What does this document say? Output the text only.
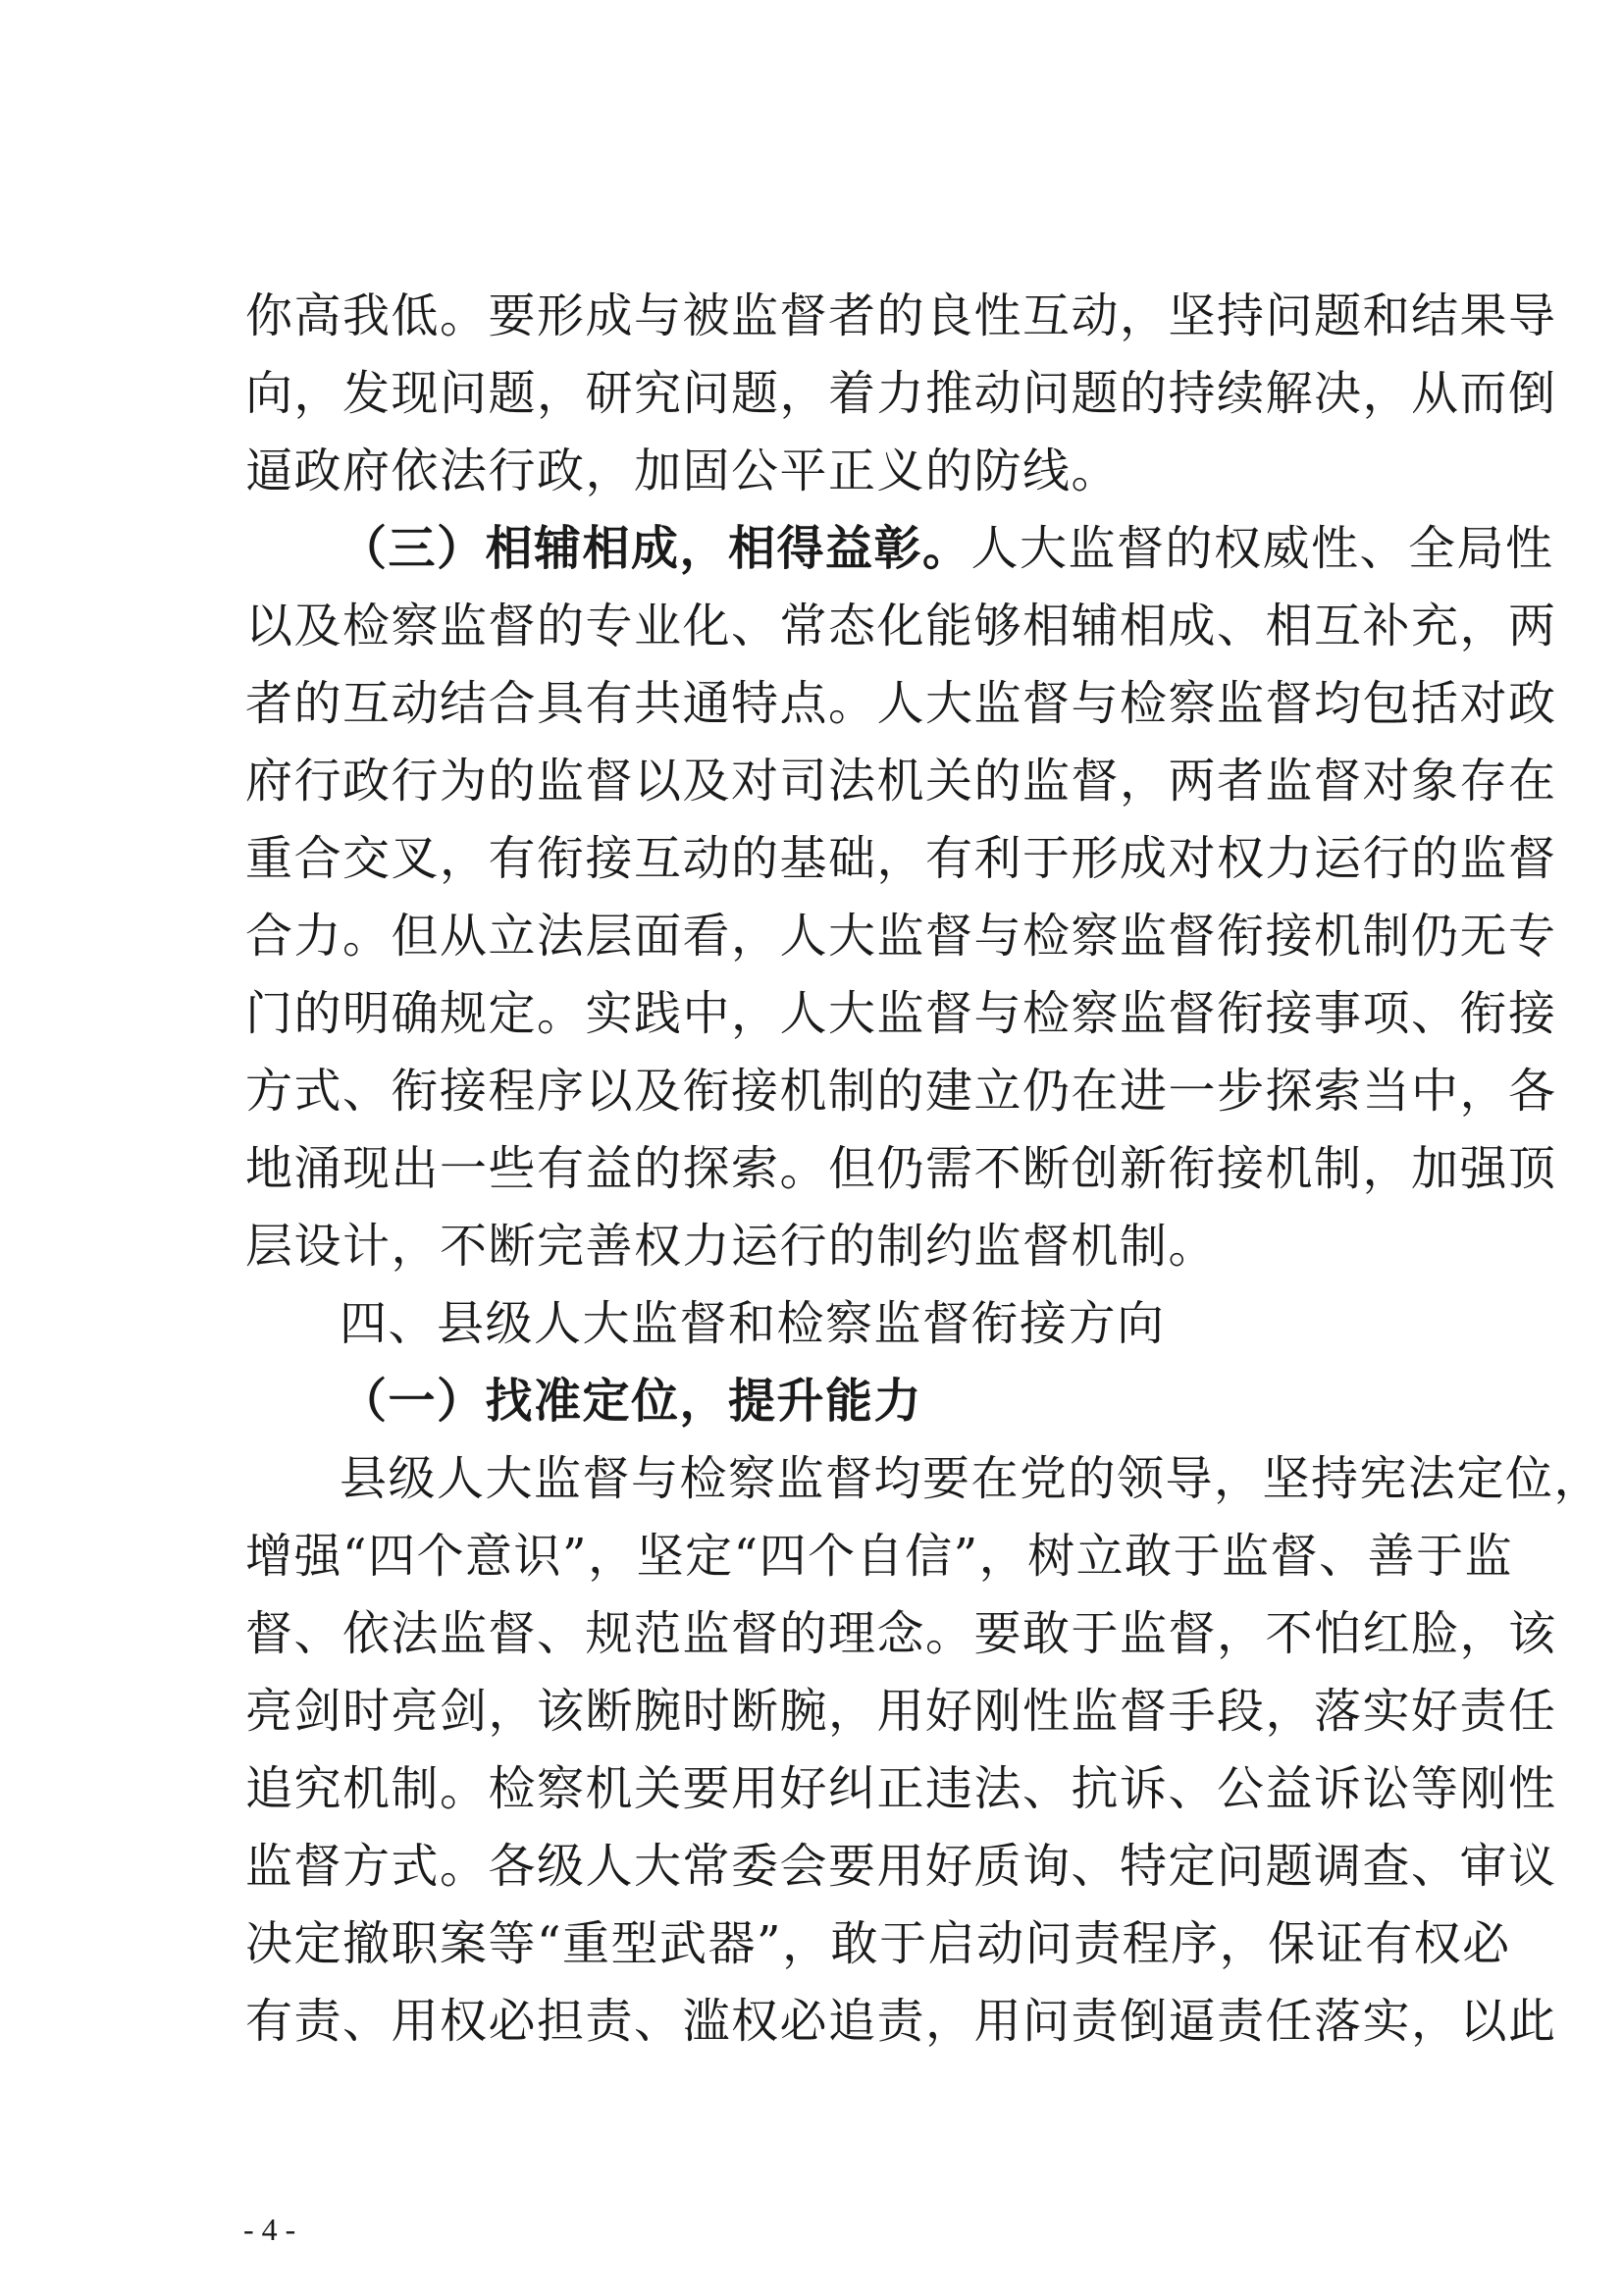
你高我低。要形成与被监督者的良性互动，坚持问题和结果导
向，发现问题，研究问题，着力推动问题的持续解决，从而倒
逼政府依法行政，加固公平正义的防线。
（三）相辅相成，相得益彰。人大监督的权威性、全局性
以及检察监督的专业化、常态化能够相辅相成、相互补充，两
者的互动结合具有共通特点。人大监督与检察监督均包括对政
府行政行为的监督以及对司法机关的监督，两者监督对象存在
重合交叉，有衔接互动的基础，有利于形成对权力运行的监督
合力。但从立法层面看，人大监督与检察监督衔接机制仍无专
门的明确规定。实践中，人大监督与检察监督衔接事项、衔接
方式、衔接程序以及衔接机制的建立仍在进一步探索当中，各
地涌现出一些有益的探索。但仍需不断创新衔接机制，加强顶
层设计，不断完善权力运行的制约监督机制。
四、县级人大监督和检察监督衔接方向
（一）找准定位，提升能力
县级人大监督与检察监督均要在党的领导，坚持宪法定位，
增强“四个意识”，坚定“四个自信”，树立敢于监督、善于监
督、依法监督、规范监督的理念。要敢于监督，不怕红脸，该
亮剑时亮剑，该断腕时断腕，用好刚性监督手段，落实好责任
追究机制。检察机关要用好纠正违法、抗诉、公益诉讼等刚性
监督方式。各级人大常委会要用好质询、特定问题调查、审议
决定撤职案等“重型武器”，敢于启动问责程序，保证有权必
有责、用权必担责、滥权必追责，用问责倒逼责任落实，以此
- 4 -
